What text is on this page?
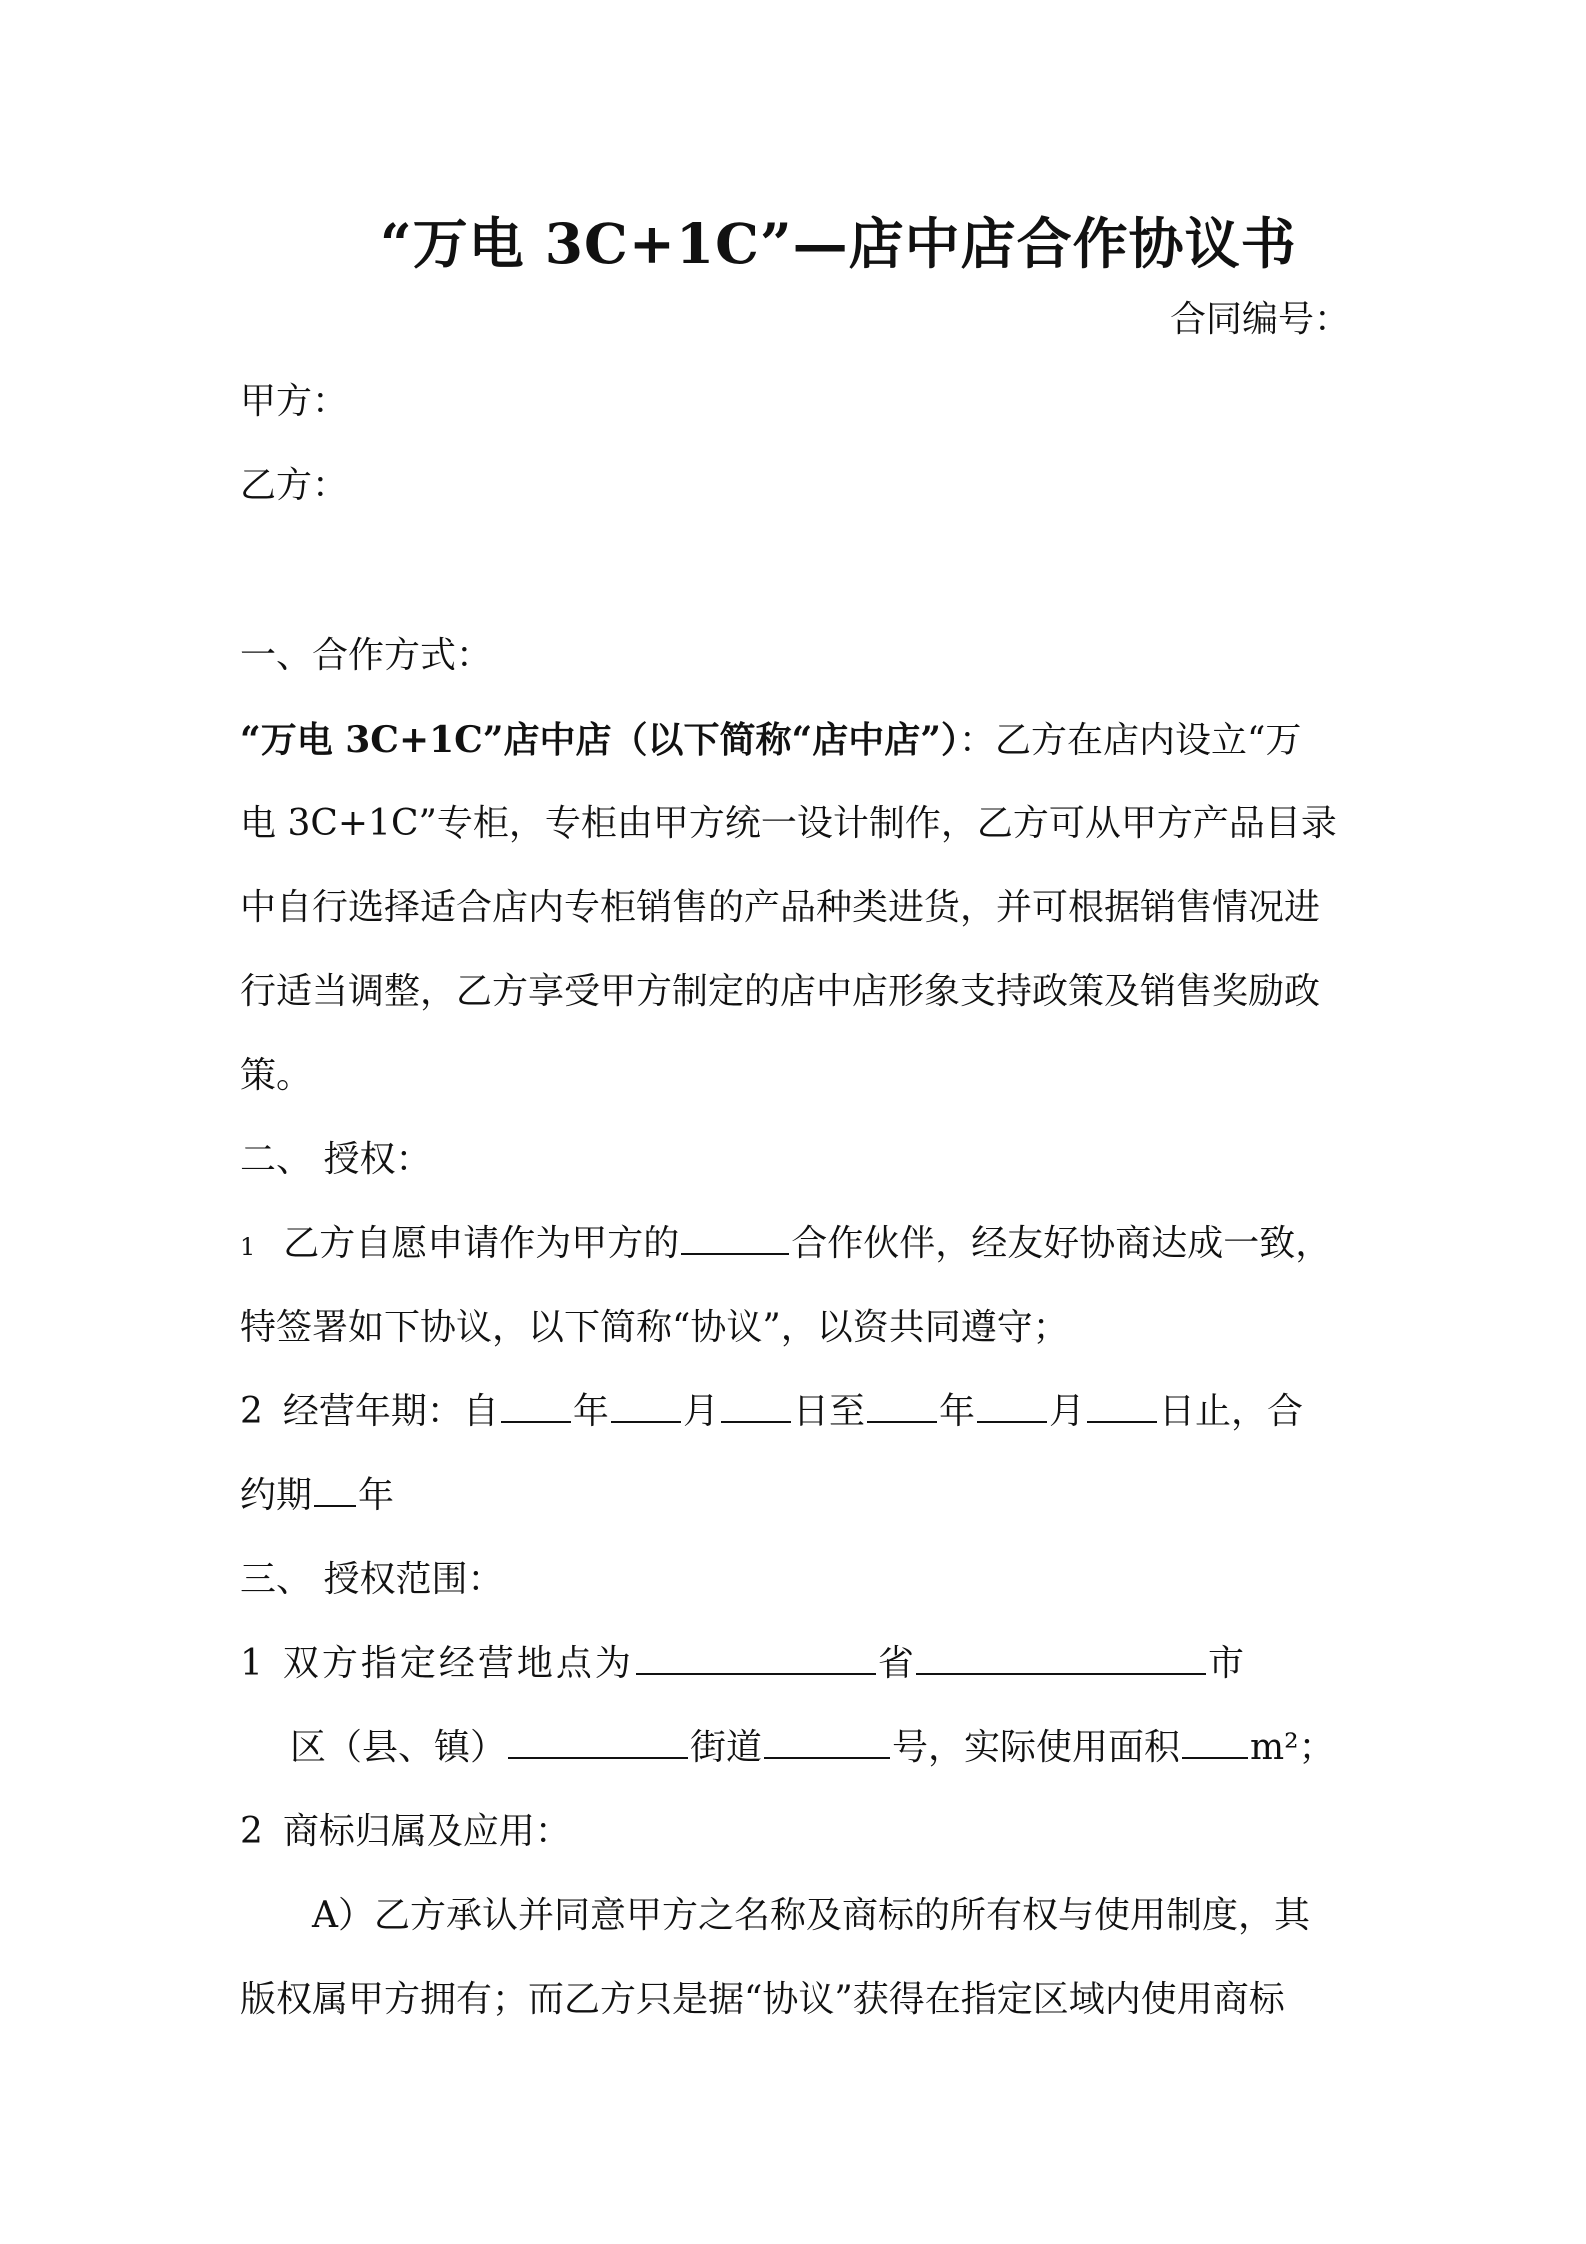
“万电 3C+1C”—店中店合作协议书
合同编号：
甲方：
乙方：
一、合作方式：
“万电 3C+1C”店中店（以下简称“店中店”）：乙方在店内设立“万
电 3C+1C”专柜，专柜由甲方统一设计制作，乙方可从甲方产品目录
中自行选择适合店内专柜销售的产品种类进货，并可根据销售情况进
行适当调整，乙方享受甲方制定的店中店形象支持政策及销售奖励政
策。
二、 授权：
1 乙方自愿申请作为甲方的	合作伙伴，经友好协商达成一致，
特签署如下协议，以下简称“协议”，以资共同遵守；
2 经营年期：自 年 月 日至 年 月 日止，合
约期 年
三、 授权范围：
1 双方指定经营地点为	省	市
区（县、镇）	街道	号，实际使用面积 m²；
2 商标归属及应用：
A）乙方承认并同意甲方之名称及商标的所有权与使用制度，其
版权属甲方拥有；而乙方只是据“协议”获得在指定区域内使用商标
